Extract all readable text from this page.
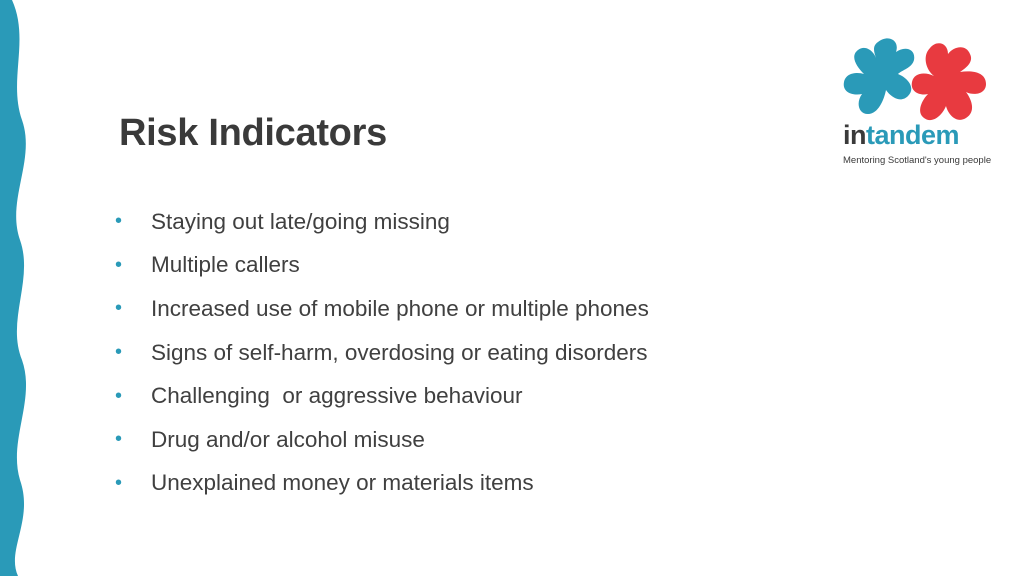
Risk Indicators
•	Staying out late/going missing
•	Multiple callers
•	Increased use of mobile phone or multiple phones
•	Signs of self-harm, overdosing or eating disorders
•	Challenging  or aggressive behaviour
•	Drug and/or alcohol misuse
•	Unexplained money or materials items
intandem
Mentoring Scotland's young people
